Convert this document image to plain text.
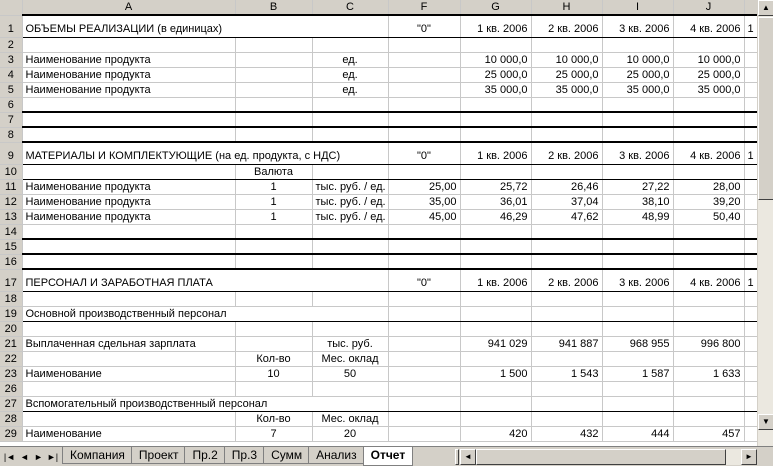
	A	B	C	F	G	H	I	J	
1	ОБЪЕМЫ РЕАЛИЗАЦИИ (в единицах)			"0"	1 кв. 2006	2 кв. 2006	3 кв. 2006	4 кв. 2006	1
2									
3	Наименование продукта		ед.		10 000,0	10 000,0	10 000,0	10 000,0	
4	Наименование продукта		ед.		25 000,0	25 000,0	25 000,0	25 000,0	
5	Наименование продукта		ед.		35 000,0	35 000,0	35 000,0	35 000,0	
6									
7									
8									
9	МАТЕРИАЛЫ И КОМПЛЕКТУЮЩИЕ (на ед. продукта, с НДС)			"0"	1 кв. 2006	2 кв. 2006	3 кв. 2006	4 кв. 2006	1
10		Валюта							
11	Наименование продукта	1	тыс. руб. / ед.	25,00	25,72	26,46	27,22	28,00	
12	Наименование продукта	1	тыс. руб. / ед.	35,00	36,01	37,04	38,10	39,20	
13	Наименование продукта	1	тыс. руб. / ед.	45,00	46,29	47,62	48,99	50,40	
14									
15									
16									
17	ПЕРСОНАЛ И ЗАРАБОТНАЯ ПЛАТА			"0"	1 кв. 2006	2 кв. 2006	3 кв. 2006	4 кв. 2006	1
18									
19	Основной производственный персонал								
20									
21	Выплаченная сдельная зарплата		тыс. руб.		941 029	941 887	968 955	996 800	
22		Кол-во	Мес. оклад						
23	Наименование	10	50		1 500	1 543	1 587	1 633	
26									
27	Вспомогательный производственный персонал								
28		Кол-во	Мес. оклад						
29	Наименование	7	20		420	432	444	457	
▲
▼
|◄ ◄ ► ►| Компания	Проект	Пр.2	Пр.3	Сумм	Анализ	Отчет	◄	►
